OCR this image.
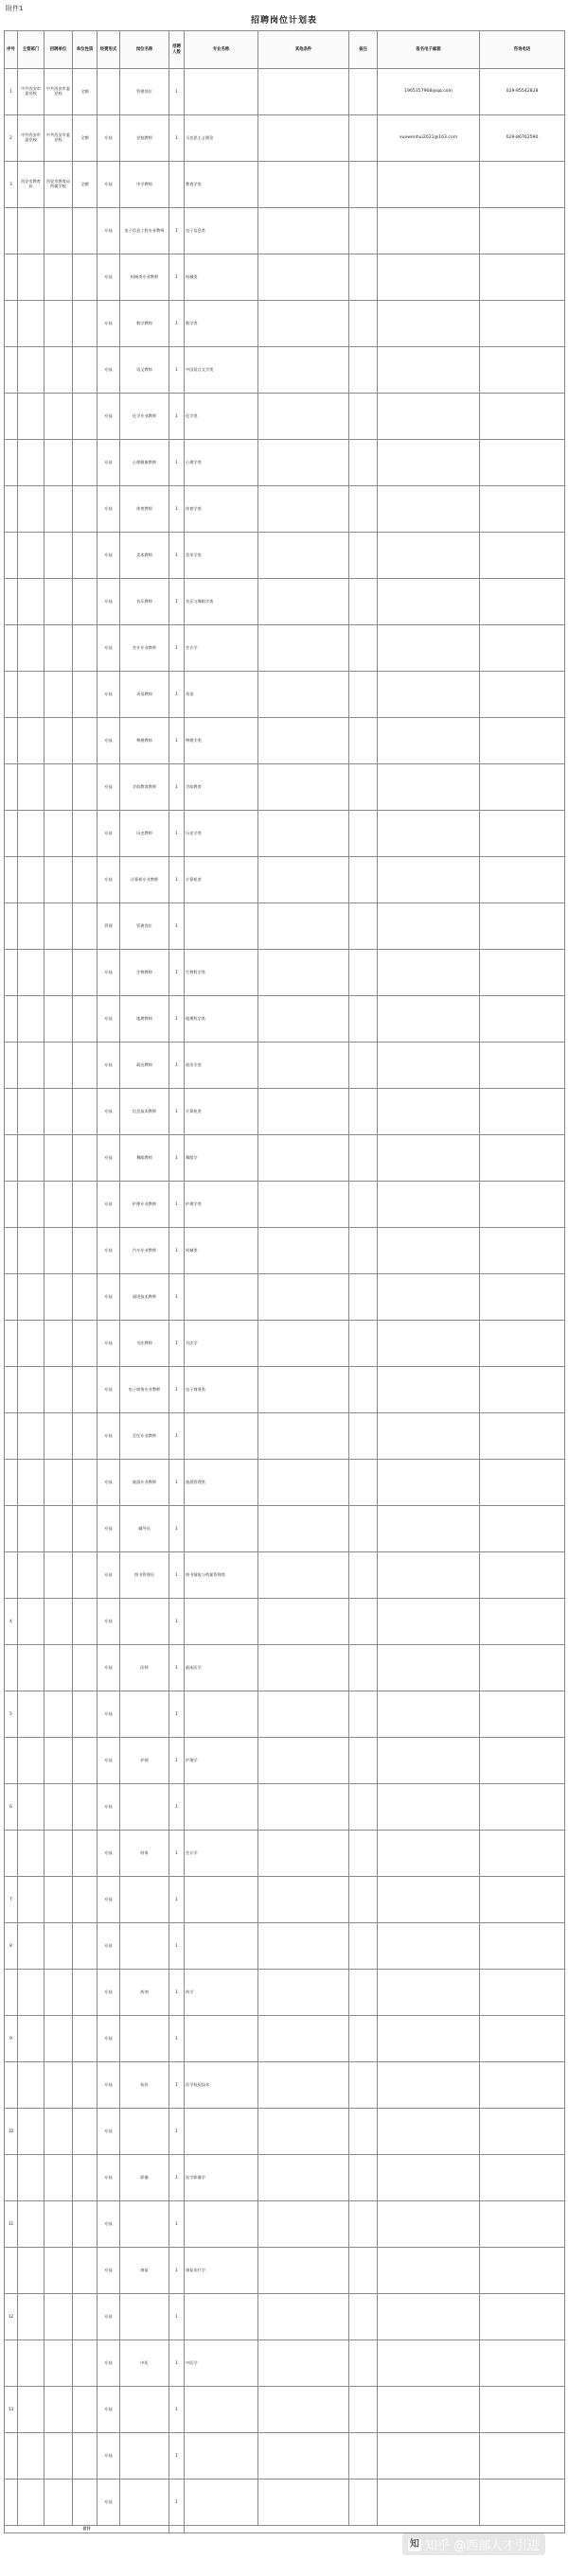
附件1
招聘岗位计划表
序号	主管部门	招聘单位	单位性质	经费形式	岗位名称	招聘人数	专业名称	其他条件	备注	报名电子邮箱	咨询电话
1	中共西安市委党校	中共西安市委党校	全额		管理岗位	1				1965357968@qq.com	029-85542828
2	中共西安市委党校	中共西安市委党校	全额	专技	党校教师	1	马克思主义理论			xuewenhui2021@163.com	029-86762590
3	西安市教育局	西安市教育局所属学校	全额	专技	中学教师		教育学类				
				专技	电子信息工程专业教师	1	电子信息类				
				专技	机械类专业教师	1	机械类				
				专技	数学教师	1	数学类				
				专技	语文教师	1	中国语言文学类				
				专技	化学专业教师	1	化学类				
				专技	心理健康教师	1	心理学类				
				专技	体育教师	1	体育学类				
				专技	美术教师	1	美术学类				
				专技	音乐教师	1	音乐与舞蹈学类				
				专技	会计专业教师	1	会计学				
				专技	英语教师	1	英语				
				专技	物理教师	1	物理学类				
				专技	学前教育教师	1	学前教育				
				专技	历史教师	1	历史学类				
				专技	计算机专业教师	1	计算机类				
				管理	管理岗位	1					
				专技	生物教师	1	生物科学类				
				专技	地理教师	1	地理科学类				
				专技	政治教师	1	政治学类				
				专技	信息技术教师	1	计算机类				
				专技	舞蹈教师	1	舞蹈学				
				专技	护理专业教师	1	护理学类				
				专技	汽车专业教师	1	机械类				
				专技	通用技术教师	1					
				专技	书法教师	1	书法学				
				专技	电子商务专业教师	1	电子商务类				
				专技	烹饪专业教师	1					
				专技	旅游专业教师	1	旅游管理类				
				专技	辅导员	1					
				专技	图书管理员	1	图书情报与档案管理类				
4				专技		1					
				专技	医师	1	临床医学				
5				专技		1					
				专技	护理	1	护理学				
6				专技		1					
				专技	财务	1	会计学				
7				专技		1					
8				专技		1					
				专技	药剂	1	药学				
9				专技		1					
				专技	检验	1	医学检验技术				
10				专技		1					
				专技	影像	1	医学影像学				
11				专技		1					
				专技	康复	1	康复治疗学				
12				专技		1					
				专技	中医	1	中医学				
13				专技		1					
				专技		1					
				专技		1					
合计											
知 知乎 @西部人才引进
